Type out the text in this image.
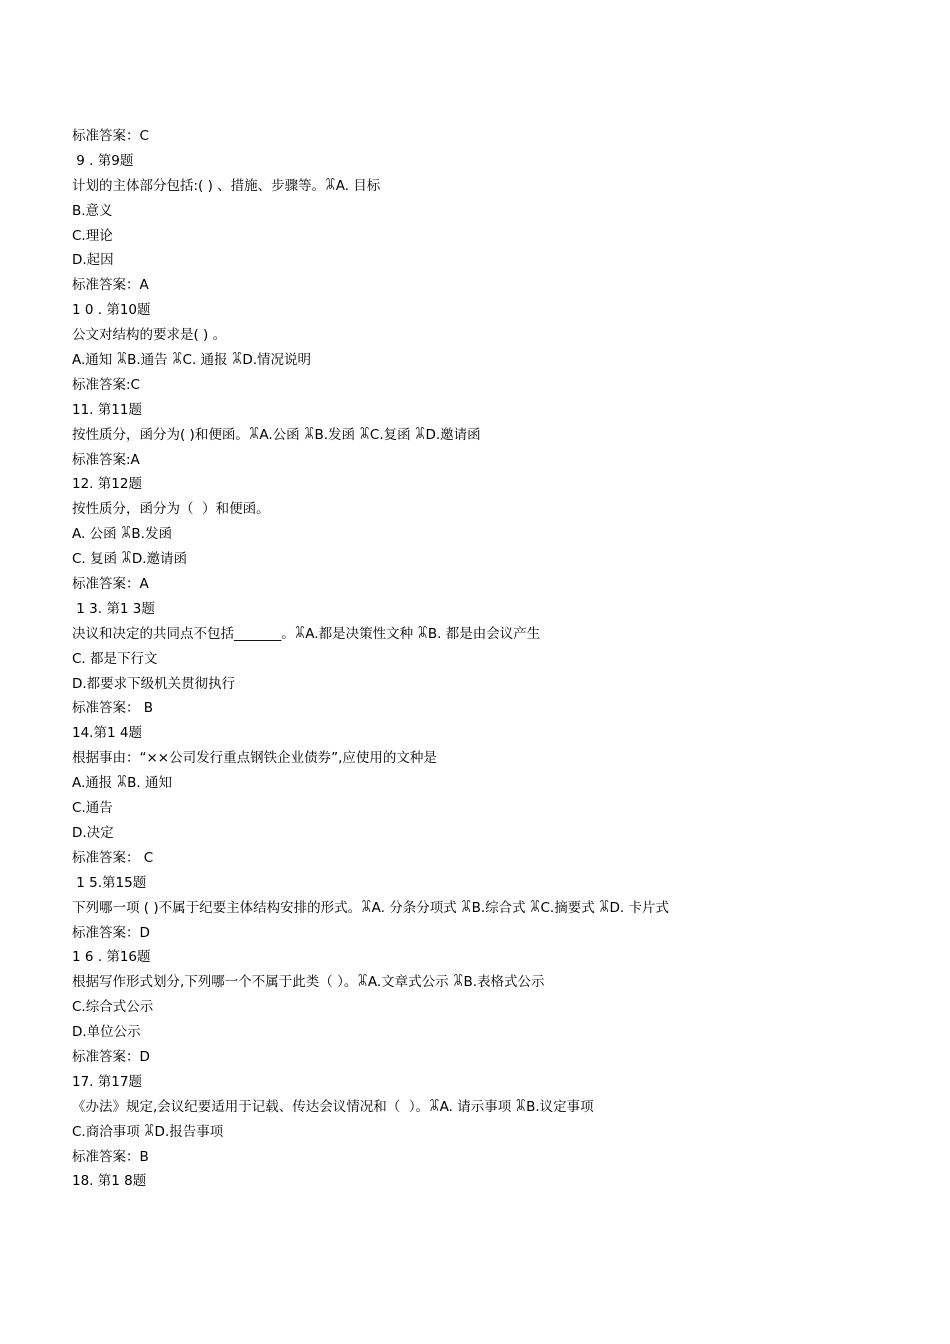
标准答案：C
9 . 第9题
计划的主体部分包括:( ) 、措施、步骤等。ꈠA. 目标
B.意义
C.理论
D.起因
标准答案：A
1 0 . 第10题
公文对结构的要求是( ) 。
A.通知 ꈠB.通告 ꈠC. 通报 ꈠD.情况说明
标准答案:C
11. 第11题
按性质分，函分为( )和便函。ꈠA.公函 ꈠB.发函 ꈠC.复函 ꈠD.邀请函
标准答案:A
12. 第12题
按性质分，函分为（  ）和便函。
A. 公函 ꈠB.发函
C. 复函 ꈠD.邀请函
标准答案：A
1 3. 第1 3题
决议和决定的共同点不包括_______。ꈠA.都是决策性文种 ꈠB. 都是由会议产生
C. 都是下行文
D.都要求下级机关贯彻执行
标准答案： B
14.第1 4题
根据事由：“××公司发行重点钢铁企业债券”,应使用的文种是
A.通报 ꈠB. 通知
C.通告
D.决定
标准答案： C
1 5.第15题
下列哪一项 ( )不属于纪要主体结构安排的形式。ꈠA. 分条分项式 ꈠB.综合式 ꈠC.摘要式 ꈠD. 卡片式
标准答案：D
1 6 . 第16题
根据写作形式划分,下列哪一个不属于此类（ ）。ꈠA.文章式公示 ꈠB.表格式公示
C.综合式公示
D.单位公示
标准答案：D
17. 第17题
《办法》规定,会议纪要适用于记载、传达会议情况和（  ）。ꈠA. 请示事项 ꈠB.议定事项
C.商洽事项 ꈠD.报告事项
标准答案：B
18. 第1 8题
